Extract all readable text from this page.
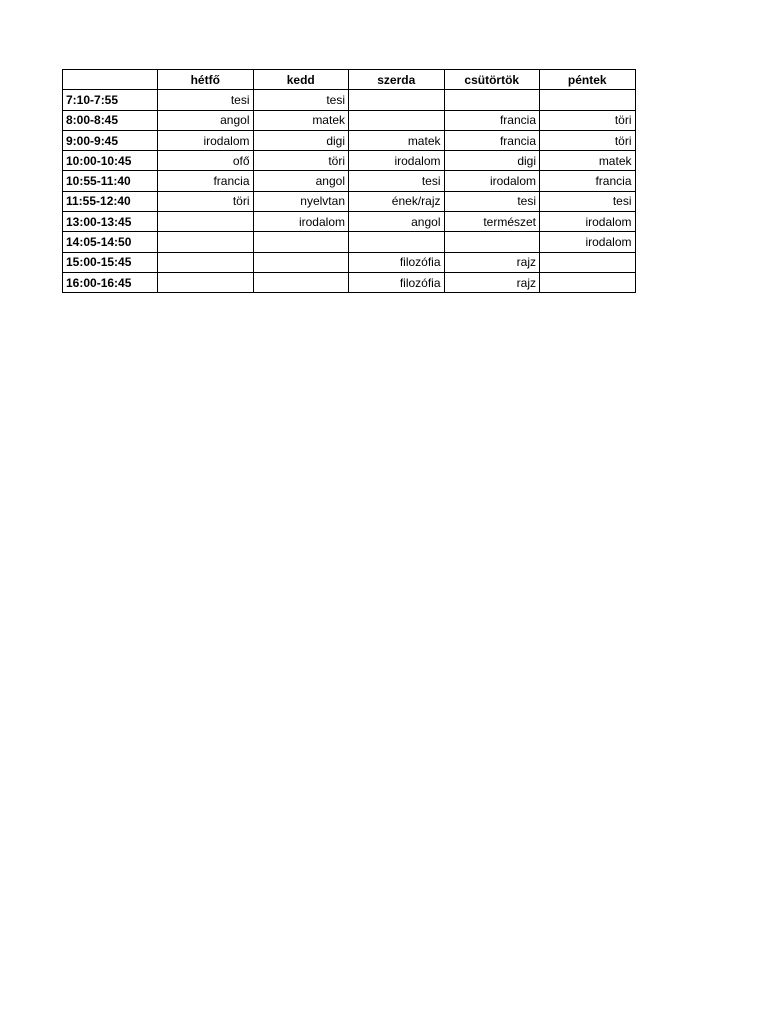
	hétfő	kedd	szerda	csütörtök	péntek
7:10-7:55	tesi	tesi			
8:00-8:45	angol	matek		francia	töri
9:00-9:45	irodalom	digi	matek	francia	töri
10:00-10:45	ofő	töri	irodalom	digi	matek
10:55-11:40	francia	angol	tesi	irodalom	francia
11:55-12:40	töri	nyelvtan	ének/rajz	tesi	tesi
13:00-13:45		irodalom	angol	természet	irodalom
14:05-14:50					irodalom
15:00-15:45			filozófia	rajz	
16:00-16:45			filozófia	rajz	
